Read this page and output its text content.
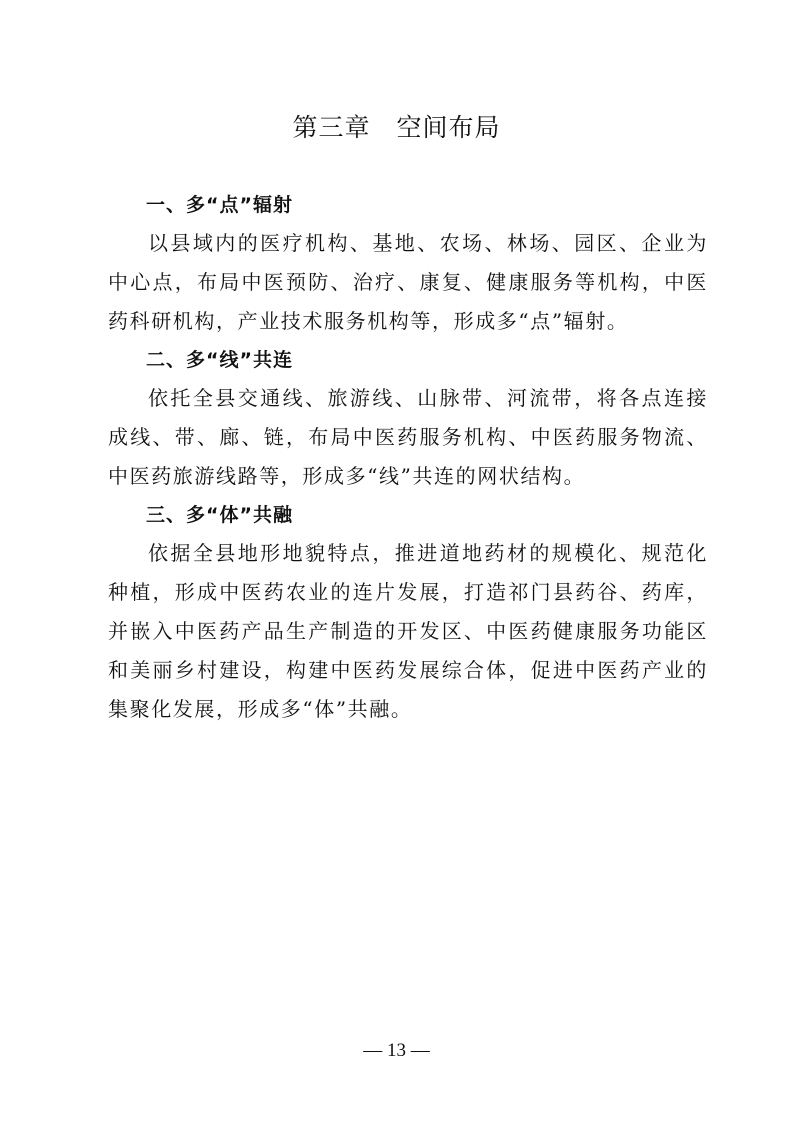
第三章　空间布局
一、多“点”辐射

以县域内的医疗机构、基地、农场、林场、园区、企业为中心点，布局中医预防、治疗、康复、健康服务等机构，中医药科研机构，产业技术服务机构等，形成多“点”辐射。

二、多“线”共连

依托全县交通线、旅游线、山脉带、河流带，将各点连接成线、带、廊、链，布局中医药服务机构、中医药服务物流、中医药旅游线路等，形成多“线”共连的网状结构。

三、多“体”共融

依据全县地形地貌特点，推进道地药材的规模化、规范化种植，形成中医药农业的连片发展，打造祁门县药谷、药库，并嵌入中医药产品生产制造的开发区、中医药健康服务功能区和美丽乡村建设，构建中医药发展综合体，促进中医药产业的集聚化发展，形成多“体”共融。

— 13 —
